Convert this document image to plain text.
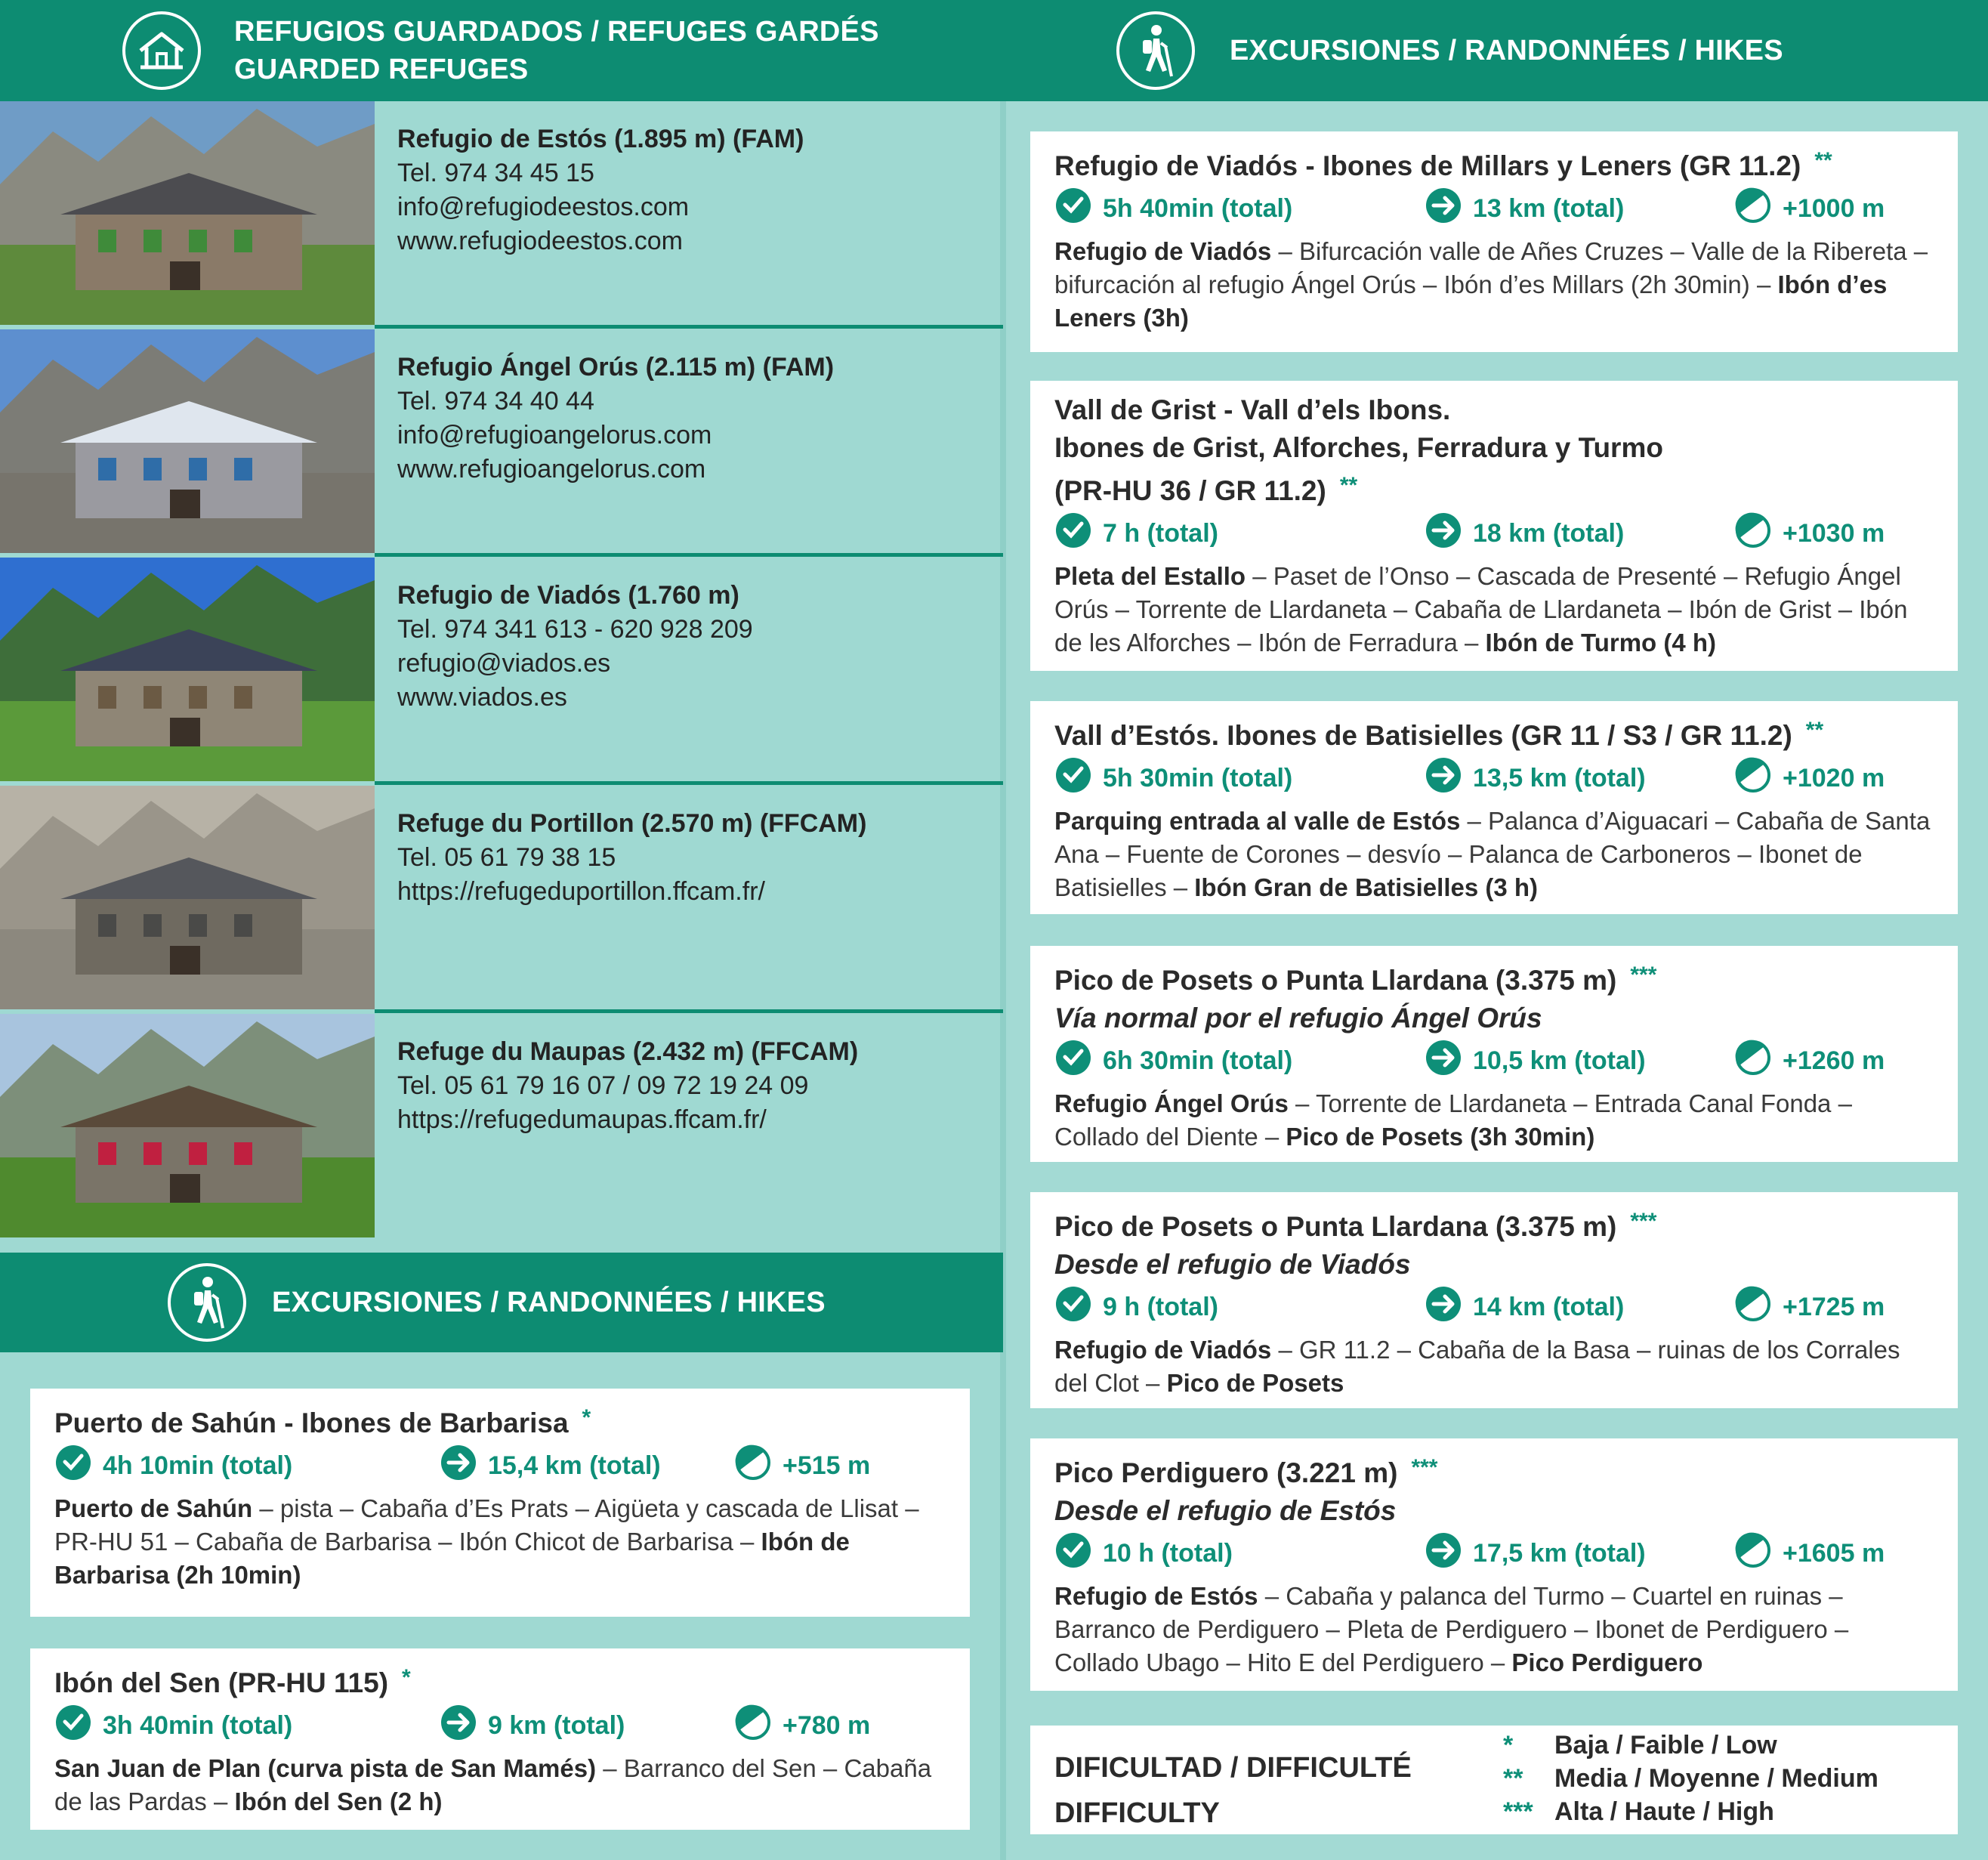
REFUGIOS GUARDADOS / REFUGES GARDÉS
GUARDED REFUGES
Refugio de Estós (1.895 m) (FAM)
Tel. 974 34 45 15
info@refugiodeestos.com
www.refugiodeestos.com
Refugio Ángel Orús (2.115 m) (FAM)
Tel. 974 34 40 44
info@refugioangelorus.com
www.refugioangelorus.com
Refugio de Viadós (1.760 m)
Tel. 974 341 613 - 620 928 209
refugio@viados.es
www.viados.es
Refuge du Portillon (2.570 m) (FFCAM)
Tel. 05 61 79 38 15
https://refugeduportillon.ffcam.fr/
Refuge du Maupas (2.432 m) (FFCAM)
Tel. 05 61 79 16 07 / 09 72 19 24 09
https://refugedumaupas.ffcam.fr/
EXCURSIONES / RANDONNÉES / HIKES
EXCURSIONES / RANDONNÉES / HIKES
Puerto de Sahún - Ibones de Barbarisa *
4h 10min (total)	15,4 km (total)	+515 m
Puerto de Sahún – pista – Cabaña d’Es Prats – Aigüeta y cascada de Llisat – PR-HU 51 – Cabaña de Barbarisa – Ibón Chicot de Barbarisa – Ibón de Barbarisa (2h 10min)
Ibón del Sen (PR-HU 115) *
3h 40min (total)	9 km (total)	+780 m
San Juan de Plan (curva pista de San Mamés) – Barranco del Sen – Cabaña de las Pardas – Ibón del Sen (2 h)
Refugio de Viadós - Ibones de Millars y Leners (GR 11.2) **
5h 40min (total)	13 km (total)	+1000 m
Refugio de Viadós – Bifurcación valle de Añes Cruzes – Valle de la Ribereta – bifurcación al refugio Ángel Orús – Ibón d’es Millars (2h 30min) – Ibón d’es Leners (3h)
Vall de Grist - Vall d’els Ibons.
Ibones de Grist, Alforches, Ferradura y Turmo
(PR-HU 36 / GR 11.2) **
7 h (total)	18 km (total)	+1030 m
Pleta del Estallo – Paset de l’Onso – Cascada de Presenté – Refugio Ángel Orús – Torrente de Llardaneta – Cabaña de Llardaneta – Ibón de Grist – Ibón de les Alforches – Ibón de Ferradura – Ibón de Turmo (4 h)
Vall d’Estós. Ibones de Batisielles (GR 11 / S3 / GR 11.2) **
5h 30min (total)	13,5 km (total)	+1020 m
Parquing entrada al valle de Estós – Palanca d’Aiguacari – Cabaña de Santa Ana – Fuente de Corones – desvío – Palanca de Carboneros – Ibonet de Batisielles – Ibón Gran de Batisielles (3 h)
Pico de Posets o Punta Llardana (3.375 m) ***
Vía normal por el refugio Ángel Orús
6h 30min (total)	10,5 km (total)	+1260 m
Refugio Ángel Orús – Torrente de Llardaneta – Entrada Canal Fonda – Collado del Diente – Pico de Posets (3h 30min)
Pico de Posets o Punta Llardana (3.375 m) ***
Desde el refugio de Viadós
9 h (total)	14 km (total)	+1725 m
Refugio de Viadós – GR 11.2 – Cabaña de la Basa – ruinas de los Corrales del Clot – Pico de Posets
Pico Perdiguero (3.221 m) ***
Desde el refugio de Estós
10 h (total)	17,5 km (total)	+1605 m
Refugio de Estós – Cabaña y palanca del Turmo – Cuartel en ruinas – Barranco de Perdiguero – Pleta de Perdiguero – Ibonet de Perdiguero – Collado Ubago – Hito E del Perdiguero – Pico Perdiguero
DIFICULTAD / DIFFICULTÉ
DIFFICULTY
* Baja / Faible / Low
** Media / Moyenne / Medium
*** Alta / Haute / High
